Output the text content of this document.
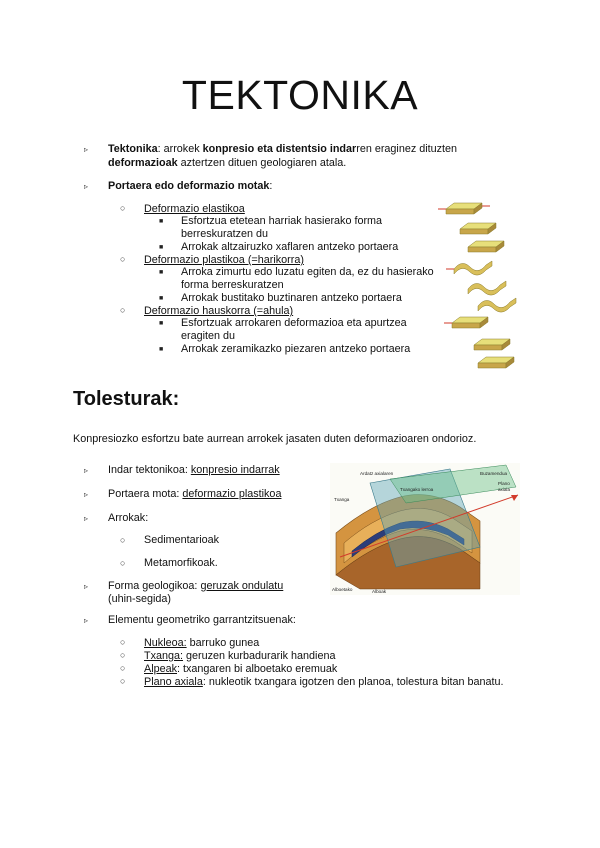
TEKTONIKA
▹ Tektonika: arrokek konpresio eta distentsio indarren eraginez dituzten
deformazioak aztertzen dituen geologiaren atala.
▹ Portaera edo deformazio motak:
○ Deformazio elastikoa
■ Esfortzua etetean harriak hasierako forma
berreskuratzen du
■ Arrokak altzairuzko xaflaren antzeko portaera
○ Deformazio plastikoa (=harikorra)
■ Arroka zimurtu edo luzatu egiten da, ez du hasierako
forma berreskuratzen
■ Arrokak bustitako buztinaren antzeko portaera
○ Deformazio hauskorra (=ahula)
■ Esfortzuak arrokaren deformazioa eta apurtzea
eragiten du
■ Arrokak zeramikazko piezaren antzeko portaera
Tolesturak:
Konpresiozko esfortzu bate aurrean arrokek jasaten duten deformazioaren ondorioz.
▹ Indar tektonikoa: konpresio indarrak
▹ Portaera mota: deformazio plastikoa
▹ Arrokak:
○ Sedimentarioak
○ Metamorfikoak.
▹ Forma geologikoa: geruzak ondulatu
(uhin-segida)
▹ Elementu geometriko garrantzitsuenak:
○ Nukleoa: barruko gunea
○ Txanga: geruzen kurbadurarik handiena
○ Alpeak: txangaren bi alboetako eremuak
○ Plano axiala: nukleotik txangara igotzen den planoa, tolestura bitan banatu.
Ardatz axialaren
Txangako lerroa
Buzamendua
Plano
axiala
Txanga
Alboetako	Alboak
